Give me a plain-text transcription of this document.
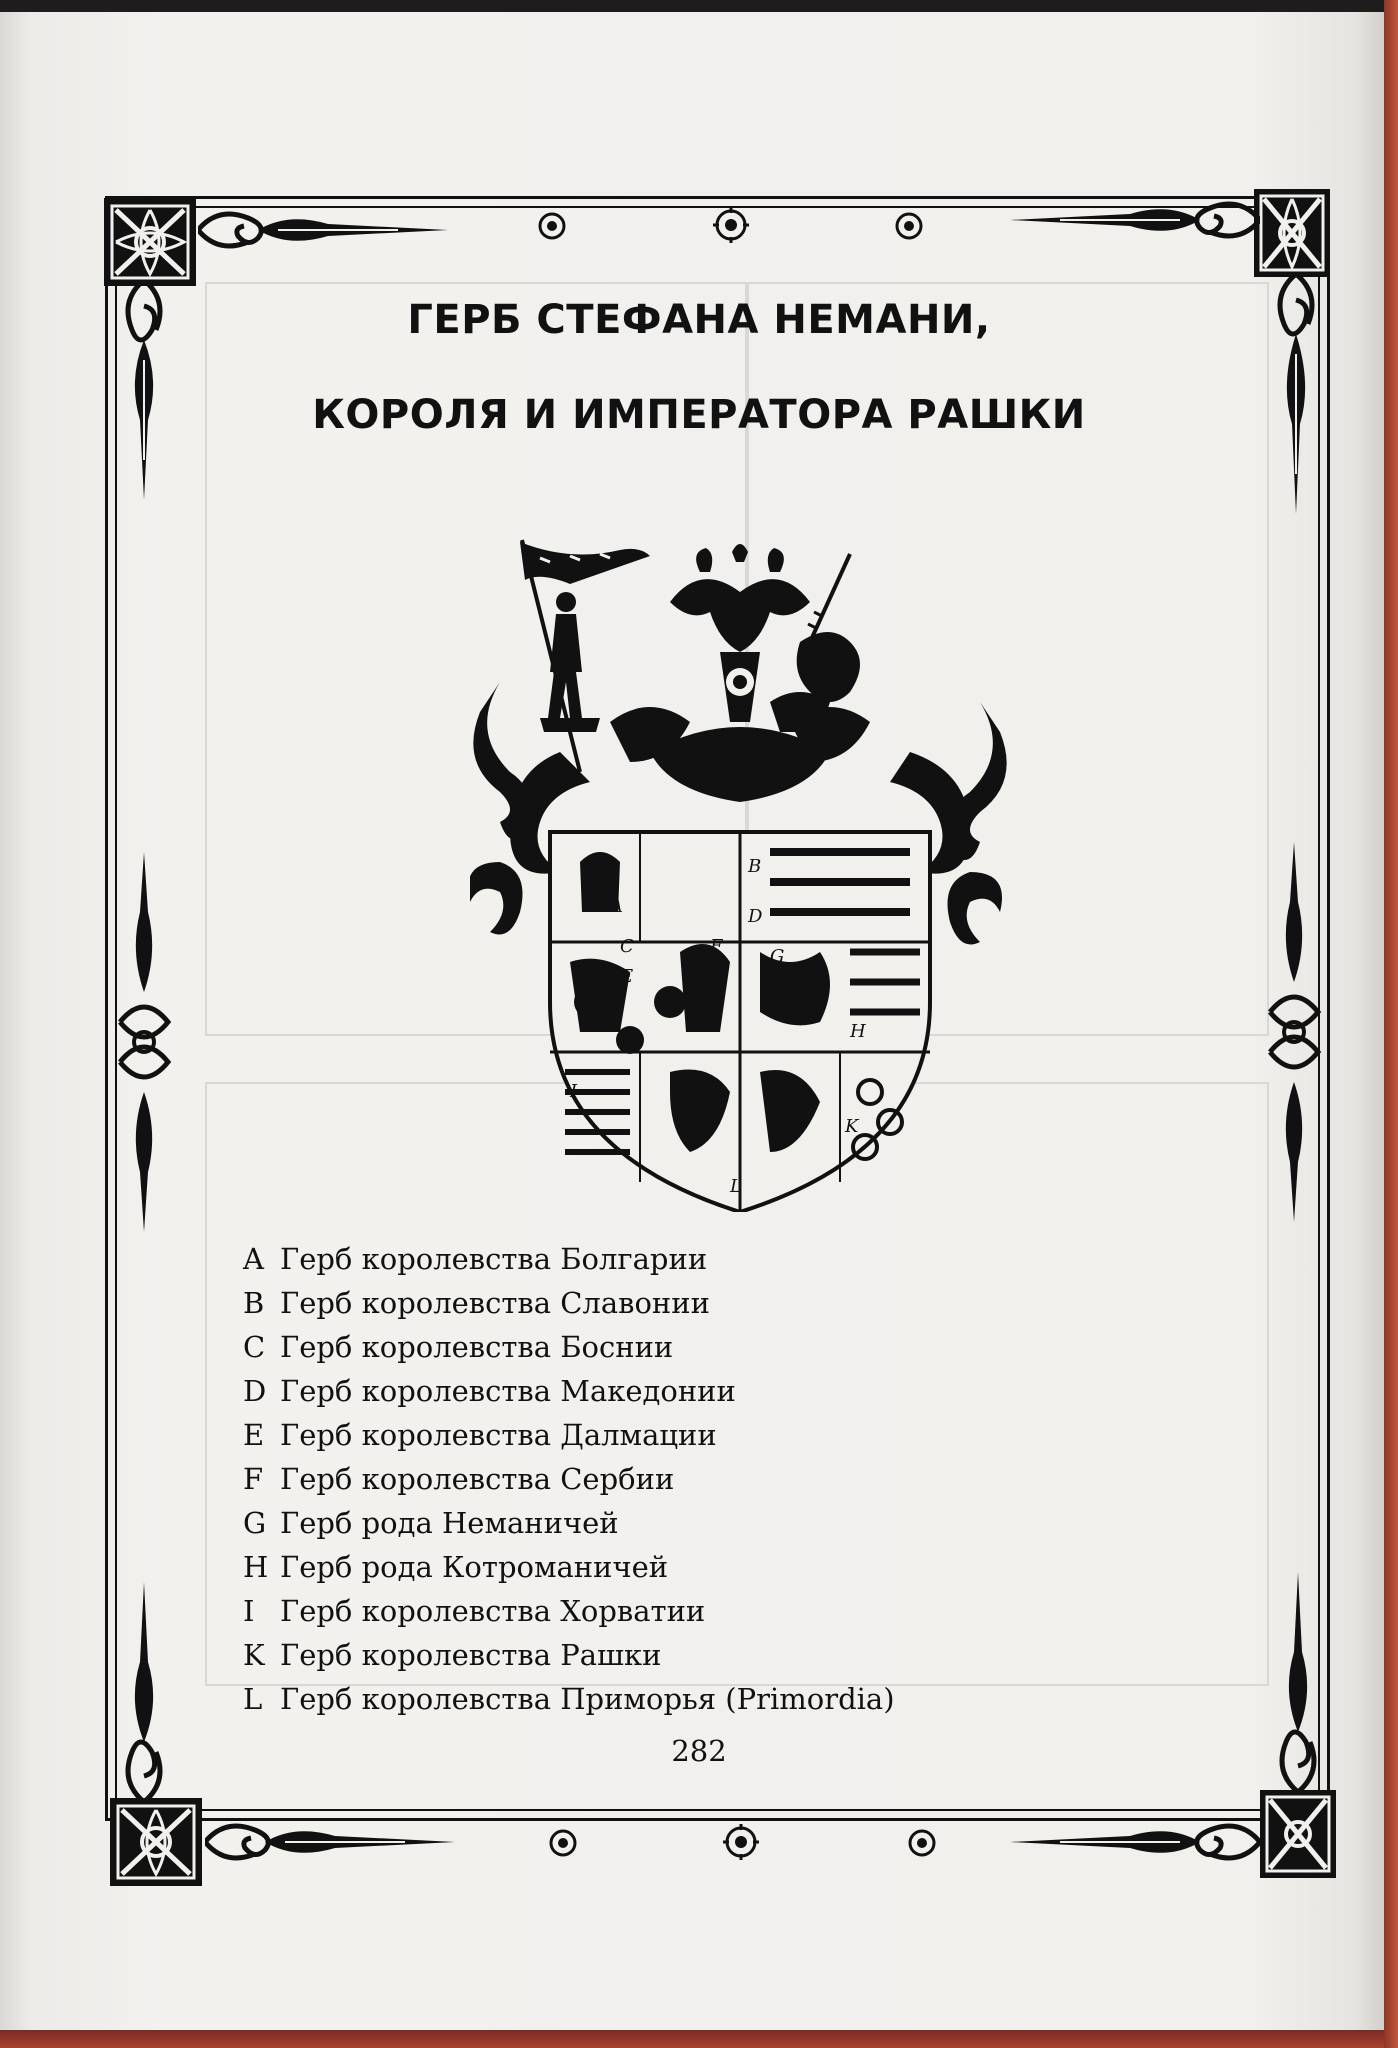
ГЕРБ СТЕФАНА НЕМАНИ,
КОРОЛЯ И ИМПЕРАТОРА РАШКИ
A
B
C
D
E
F	G
H
I
K
L
A Герб королевства Болгарии
B Герб королевства Славонии
C Герб королевства Боснии
D Герб королевства Македонии
E Герб королевства Далмации
F Герб королевства Сербии
G Герб рода Неманичей
H Герб рода Котроманичей
I Герб королевства Хорватии
K Герб королевства Рашки
L Герб королевства Приморья (Primordia)
282
